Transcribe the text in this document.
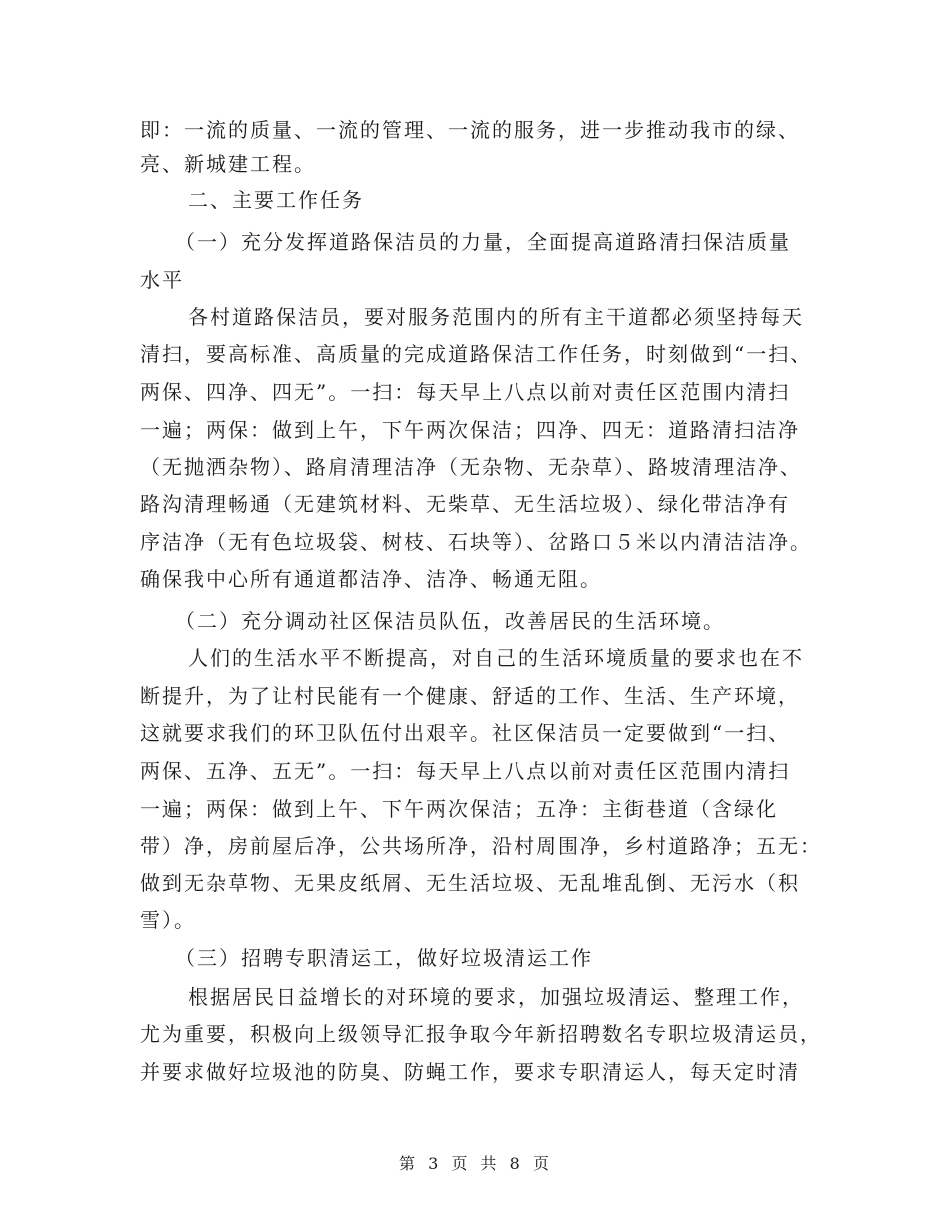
即：一流的质量、一流的管理、一流的服务，进一步推动我市的绿、
亮、新城建工程。
二、主要工作任务
（一）充分发挥道路保洁员的力量，全面提高道路清扫保洁质量
水平
各村道路保洁员，要对服务范围内的所有主干道都必须坚持每天
清扫，要高标准、高质量的完成道路保洁工作任务，时刻做到“一扫、
两保、四净、四无”。一扫：每天早上八点以前对责任区范围内清扫
一遍；两保：做到上午，下午两次保洁；四净、四无：道路清扫洁净
（无抛洒杂物）、路肩清理洁净（无杂物、无杂草）、路坡清理洁净、
路沟清理畅通（无建筑材料、无柴草、无生活垃圾）、绿化带洁净有
序洁净（无有色垃圾袋、树枝、石块等）、岔路口５米以内清洁洁净。
确保我中心所有通道都洁净、洁净、畅通无阻。
（二）充分调动社区保洁员队伍，改善居民的生活环境。
人们的生活水平不断提高，对自己的生活环境质量的要求也在不
断提升，为了让村民能有一个健康、舒适的工作、生活、生产环境，
这就要求我们的环卫队伍付出艰辛。社区保洁员一定要做到“一扫、
两保、五净、五无”。一扫：每天早上八点以前对责任区范围内清扫
一遍；两保：做到上午、下午两次保洁；五净：主街巷道（含绿化
带）净，房前屋后净，公共场所净，沿村周围净，乡村道路净；五无：
做到无杂草物、无果皮纸屑、无生活垃圾、无乱堆乱倒、无污水（积
雪）。
（三）招聘专职清运工，做好垃圾清运工作
根据居民日益增长的对环境的要求，加强垃圾清运、整理工作，
尤为重要，积极向上级领导汇报争取今年新招聘数名专职垃圾清运员，
并要求做好垃圾池的防臭、防蝇工作，要求专职清运人，每天定时清
第 3 页 共 8 页
